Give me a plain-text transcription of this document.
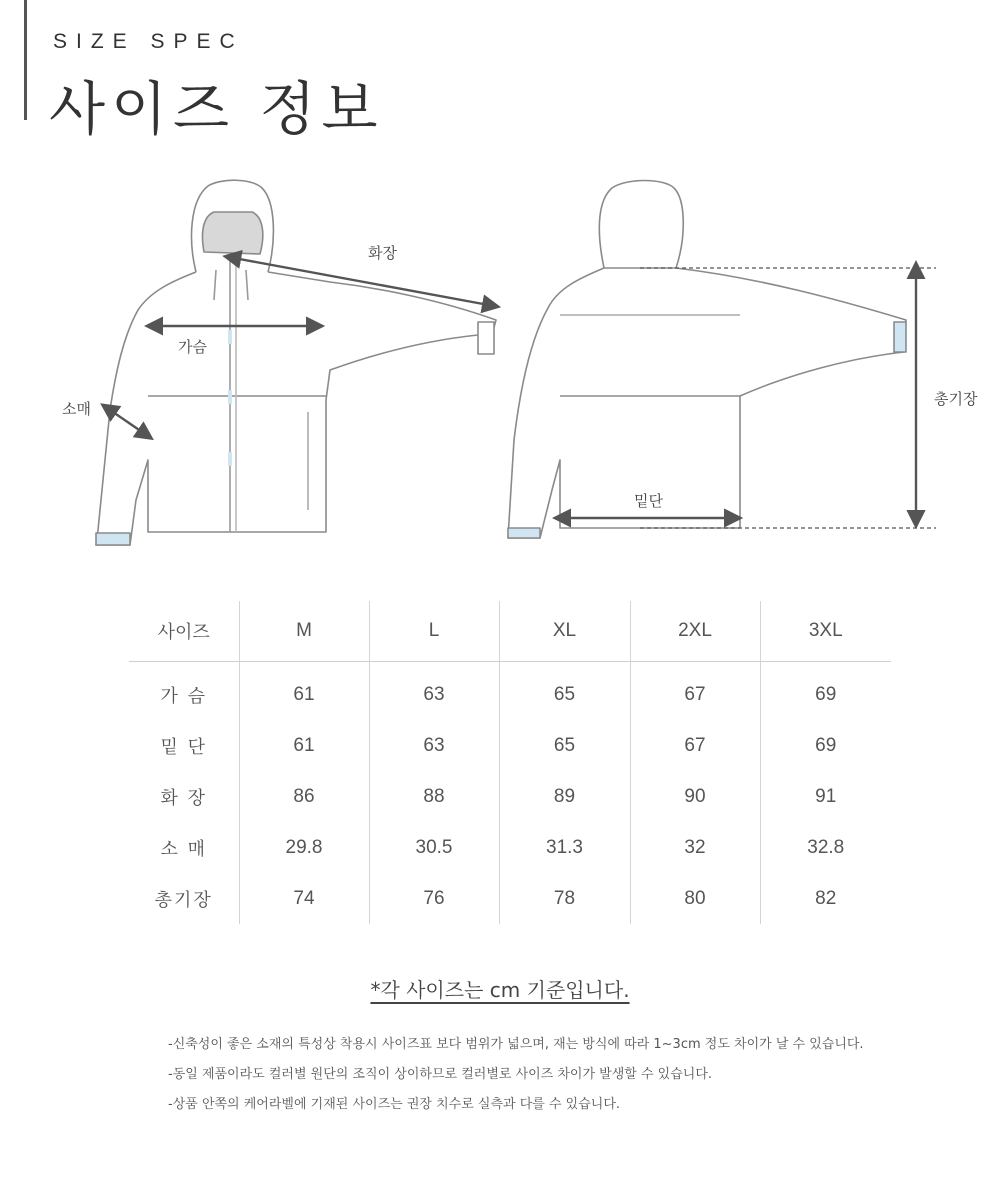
SIZE SPEC
사이즈 정보
화장
가슴
소매
밑단
총기장
사이즈	M	L	XL	2XL	3XL
가 슴	61	63	65	67	69
밑 단	61	63	65	67	69
화 장	86	88	89	90	91
소 매	29.8	30.5	31.3	32	32.8
총기장	74	76	78	80	82
*각 사이즈는 cm 기준입니다.

-신축성이 좋은 소재의 특성상 착용시 사이즈표 보다 범위가 넓으며, 재는 방식에 따라 1~3cm 정도 차이가 날 수 있습니다.

-동일 제품이라도 컬러별 원단의 조직이 상이하므로 컬러별로 사이즈 차이가 발생할 수 있습니다.

-상품 안쪽의 케어라벨에 기재된 사이즈는 권장 치수로 실측과 다를 수 있습니다.
